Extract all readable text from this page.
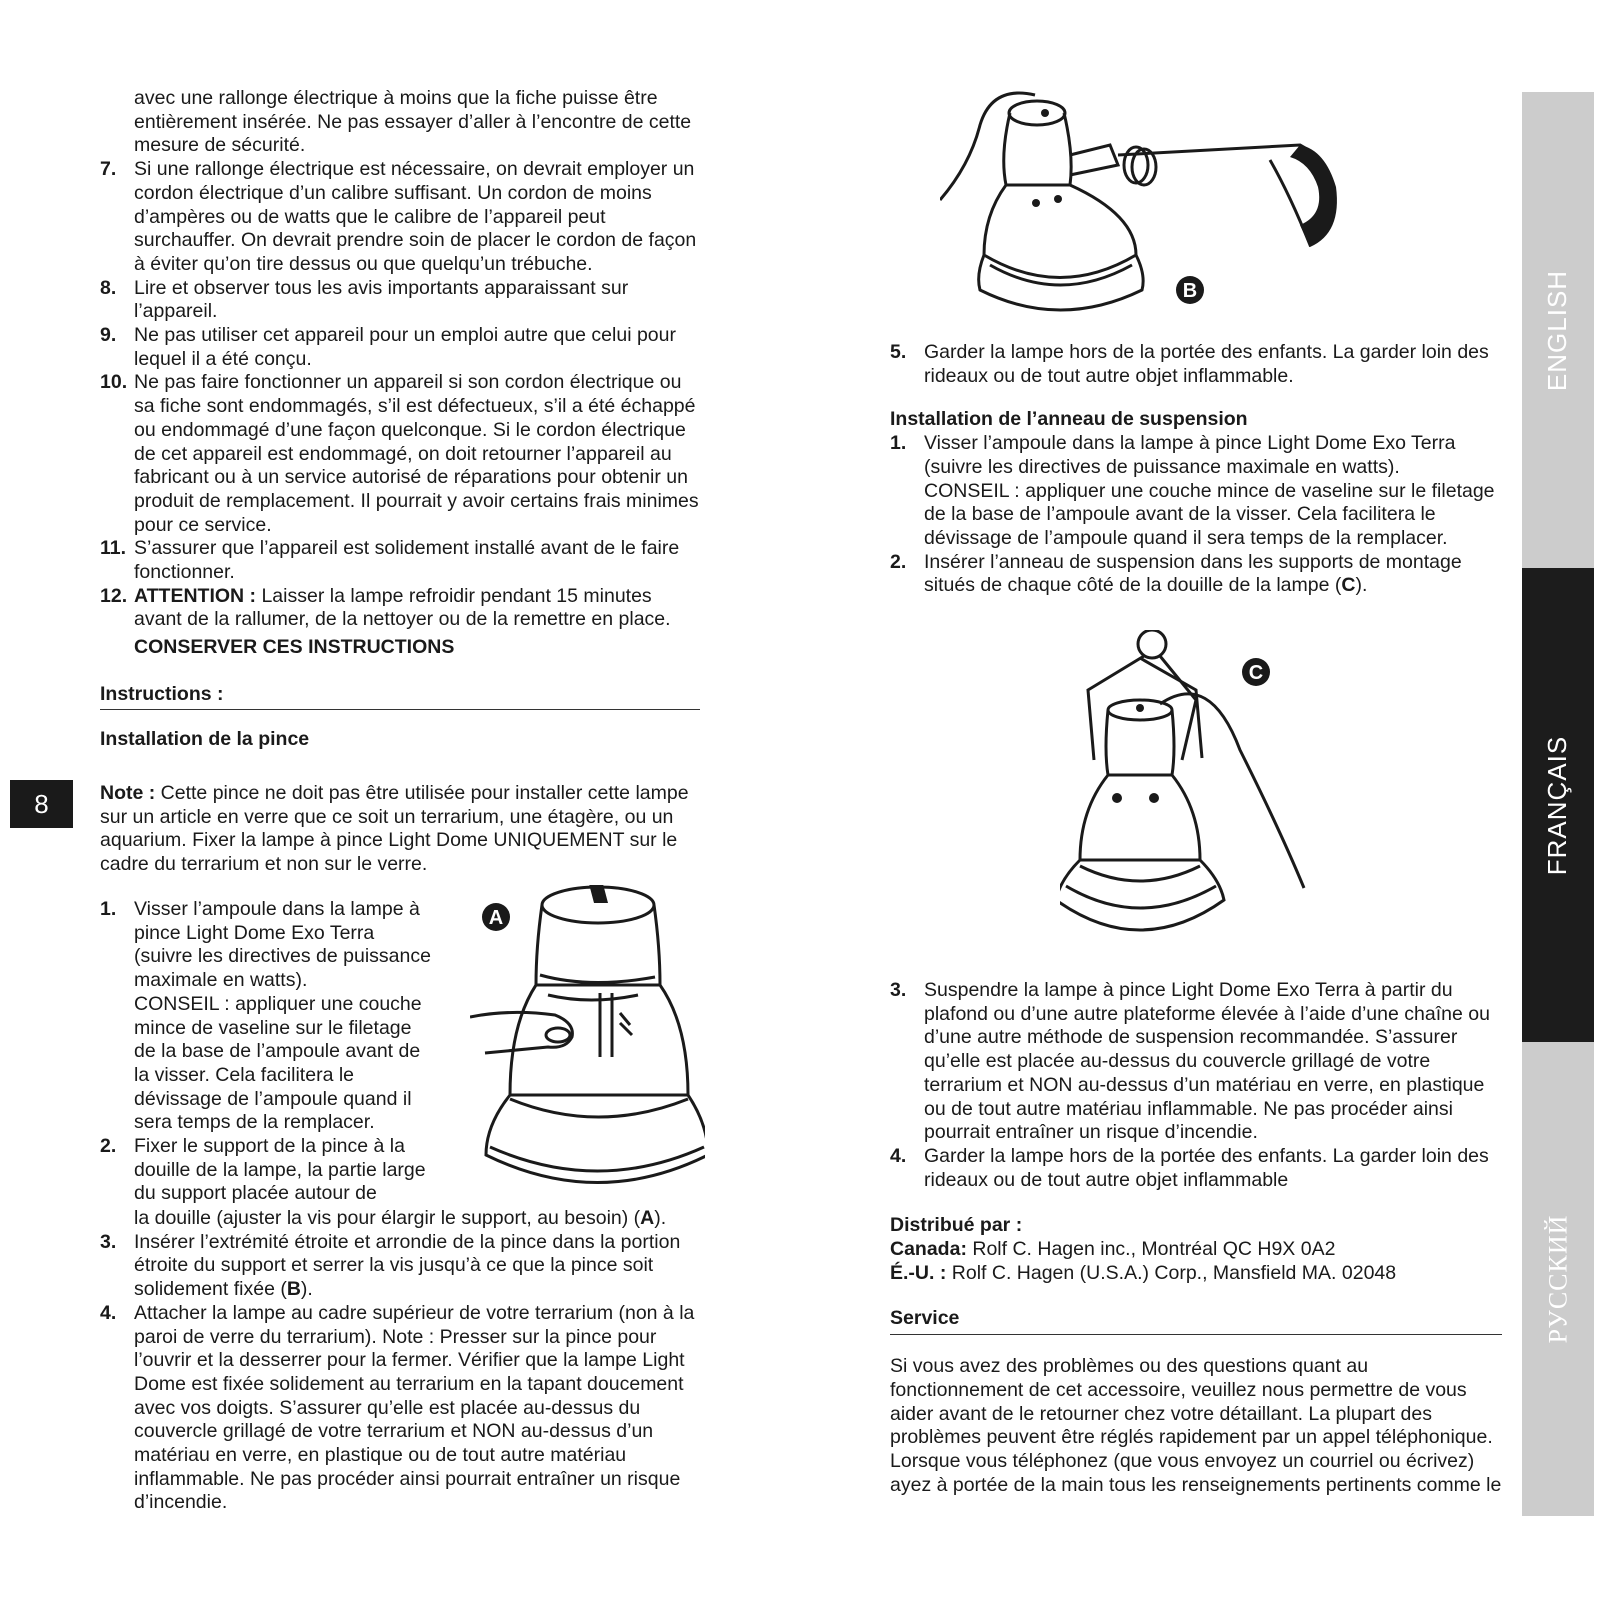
8
ENGLISH
FRANÇAIS
РУССКИЙ

avec une rallonge électrique à moins que la fiche puisse être entièrement insérée. Ne pas essayer d’aller à l’encontre de cette mesure de sécurité.

7. Si une rallonge électrique est nécessaire, on devrait employer un cordon électrique d’un calibre suffisant. Un cordon de moins d’ampères ou de watts que le calibre de l’appareil peut surchauffer. On devrait prendre soin de placer le cordon de façon à éviter qu’on tire dessus ou que quelqu’un trébuche.
8. Lire et observer tous les avis importants apparaissant sur l’appareil.
9. Ne pas utiliser cet appareil pour un emploi autre que celui pour lequel il a été conçu.
10. Ne pas faire fonctionner un appareil si son cordon électrique ou sa fiche sont endommagés, s’il est défectueux, s’il a été échappé ou endommagé d’une façon quelconque. Si le cordon électrique de cet appareil est endommagé, on doit retourner l’appareil au fabricant ou à un service autorisé de réparations pour obtenir un produit de remplacement. Il pourrait y avoir certains frais minimes pour ce service.
11. S’assurer que l’appareil est solidement installé avant de le faire fonctionner.
12. ATTENTION : Laisser la lampe refroidir pendant 15 minutes avant de la rallumer, de la nettoyer ou de la remettre en place.

CONSERVER CES INSTRUCTIONS

Instructions :

Installation de la pince

Note : Cette pince ne doit pas être utilisée pour installer cette lampe sur un article en verre que ce soit un terrarium, une étagère, ou un aquarium. Fixer la lampe à pince Light Dome UNIQUEMENT sur le cadre du terrarium et non sur le verre.

1. Visser l’ampoule dans la lampe à pince Light Dome Exo Terra (suivre les directives de puissance maximale en watts).
CONSEIL : appliquer une couche mince de vaseline sur le filetage de la base de l’ampoule avant de la visser. Cela facilitera le dévissage de l’ampoule quand il sera temps de la remplacer.
2. Fixer le support de la pince à la douille de la lampe, la partie large du support placée autour de

la douille (ajuster la vis pour élargir le support, au besoin) (A).

3. Insérer l’extrémité étroite et arrondie de la pince dans la portion étroite du support et serrer la vis jusqu’à ce que la pince soit solidement fixée (B).
4. Attacher la lampe au cadre supérieur de votre terrarium (non à la paroi de verre du terrarium). Note : Presser sur la pince pour l’ouvrir et la desserrer pour la fermer. Vérifier que la lampe Light Dome est fixée solidement au terrarium en la tapant doucement avec vos doigts. S’assurer qu’elle est placée au-dessus du couvercle grillagé de votre terrarium et NON au-dessus d’un matériau en verre, en plastique ou de tout autre matériau inflammable. Ne pas procéder ainsi pourrait entraîner un risque d’incendie.
A
B
5. Garder la lampe hors de la portée des enfants. La garder loin des rideaux ou de tout autre objet inflammable.

Installation de l’anneau de suspension

1. Visser l’ampoule dans la lampe à pince Light Dome Exo Terra (suivre les directives de puissance maximale en watts).
CONSEIL : appliquer une couche mince de vaseline sur le filetage de la base de l’ampoule avant de la visser. Cela facilitera le dévissage de l’ampoule quand il sera temps de la remplacer.
2. Insérer l’anneau de suspension dans les supports de montage situés de chaque côté de la douille de la lampe (C).
C
3. Suspendre la lampe à pince Light Dome Exo Terra à partir du plafond ou d’une autre plateforme élevée à l’aide d’une chaîne ou d’une autre méthode de suspension recommandée. S’assurer qu’elle est placée au-dessus du couvercle grillagé de votre terrarium et NON au-dessus d’un matériau en verre, en plastique ou de tout autre matériau inflammable. Ne pas procéder ainsi pourrait entraîner un risque d’incendie.
4. Garder la lampe hors de la portée des enfants. La garder loin des rideaux ou de tout autre objet inflammable

Distribué par :

Canada: Rolf C. Hagen inc., Montréal QC H9X 0A2

É.-U. : Rolf C. Hagen (U.S.A.) Corp., Mansfield MA. 02048

Service

Si vous avez des problèmes ou des questions quant au fonctionnement de cet accessoire, veuillez nous permettre de vous aider avant de le retourner chez votre détaillant. La plupart des problèmes peuvent être réglés rapidement par un appel téléphonique. Lorsque vous téléphonez (que vous envoyez un courriel ou écrivez) ayez à portée de la main tous les renseignements pertinents comme le
